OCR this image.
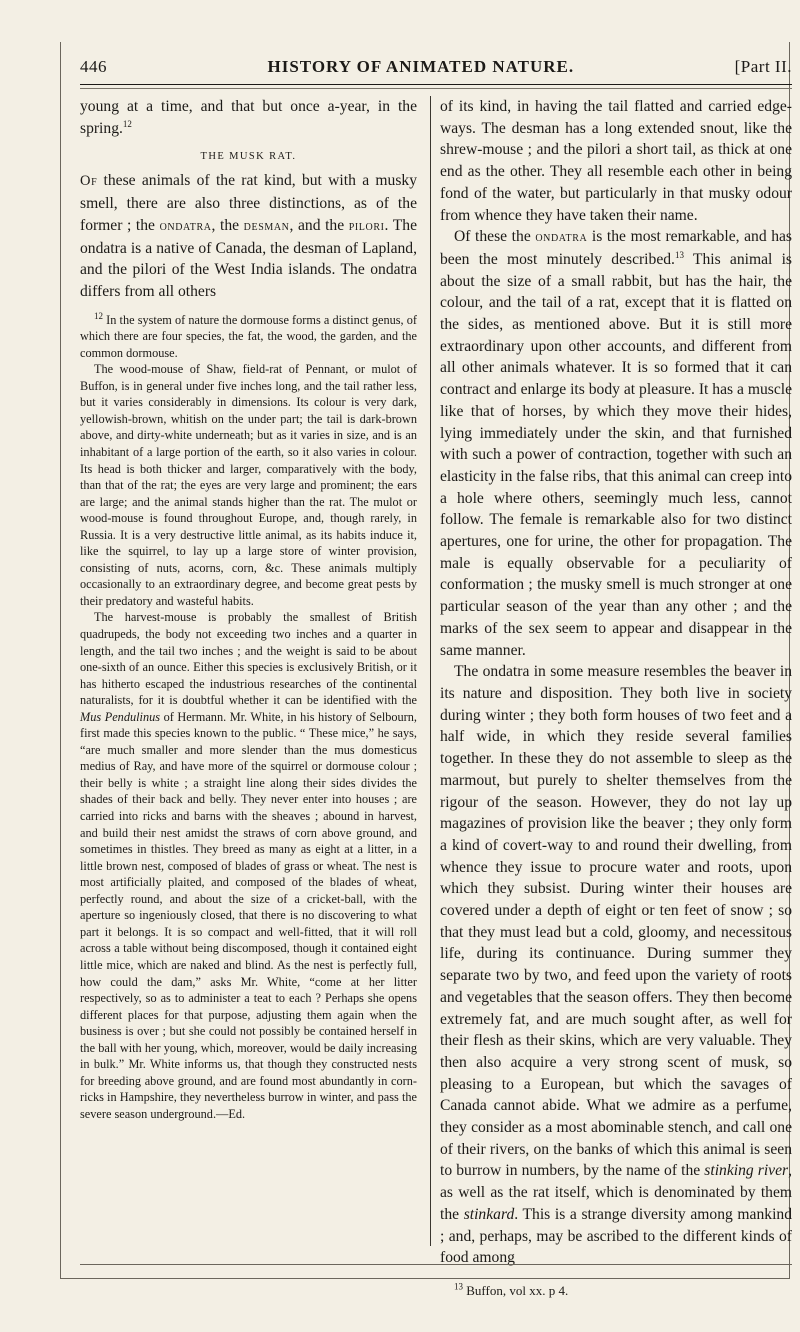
446	HISTORY OF ANIMATED NATURE.	[Part II.

young at a time, and that but once a-year, in the spring.$^{12}$

THE MUSK RAT.

Of these animals of the rat kind, but with a musky smell, there are also three distinctions, as of the former ; the ondatra, the desman, and the pilori. The ondatra is a native of Canada, the desman of Lapland, and the pilori of the West India islands. The ondatra differs from all others

$^{12}$ In the system of nature the dormouse forms a distinct genus, of which there are four species, the fat, the wood, the garden, and the common dormouse.

The wood-mouse of Shaw, field-rat of Pennant, or mulot of Buffon, is in general under five inches long, and the tail rather less, but it varies considerably in dimensions. Its colour is very dark, yellowish-brown, whitish on the under part; the tail is dark-brown above, and dirty-white underneath; but as it varies in size, and is an inhabitant of a large portion of the earth, so it also varies in colour. Its head is both thicker and larger, comparatively with the body, than that of the rat; the eyes are very large and prominent; the ears are large; and the animal stands higher than the rat. The mulot or wood-mouse is found throughout Europe, and, though rarely, in Russia. It is a very destructive little animal, as its habits induce it, like the squirrel, to lay up a large store of winter provision, consisting of nuts, acorns, corn, &c. These animals multiply occasionally to an extraordinary degree, and become great pests by their predatory and wasteful habits.

The harvest-mouse is probably the smallest of British quadrupeds, the body not exceeding two inches and a quarter in length, and the tail two inches ; and the weight is said to be about one-sixth of an ounce. Either this species is exclusively British, or it has hitherto escaped the industrious researches of the continental naturalists, for it is doubtful whether it can be identified with the Mus Pendulinus of Hermann. Mr. White, in his history of Selbourn, first made this species known to the public. “ These mice,” he says, “are much smaller and more slender than the mus domesticus medius of Ray, and have more of the squirrel or dormouse colour ; their belly is white ; a straight line along their sides divides the shades of their back and belly. They never enter into houses ; are carried into ricks and barns with the sheaves ; abound in harvest, and build their nest amidst the straws of corn above ground, and sometimes in thistles. They breed as many as eight at a litter, in a little brown nest, composed of blades of grass or wheat. The nest is most artificially plaited, and composed of the blades of wheat, perfectly round, and about the size of a cricket-ball, with the aperture so ingeniously closed, that there is no discovering to what part it belongs. It is so compact and well-fitted, that it will roll across a table without being discomposed, though it contained eight little mice, which are naked and blind. As the nest is perfectly full, how could the dam,” asks Mr. White, “come at her litter respectively, so as to administer a teat to each ? Perhaps she opens different places for that purpose, adjusting them again when the business is over ; but she could not possibly be contained herself in the ball with her young, which, moreover, would be daily increasing in bulk.” Mr. White informs us, that though they constructed nests for breeding above ground, and are found most abundantly in corn-ricks in Hampshire, they nevertheless burrow in winter, and pass the severe season underground.—Ed.

of its kind, in having the tail flatted and carried edge-ways. The desman has a long extended snout, like the shrew-mouse ; and the pilori a short tail, as thick at one end as the other. They all resemble each other in being fond of the water, but particularly in that musky odour from whence they have taken their name.

Of these the ondatra is the most remarkable, and has been the most minutely described.$^{13}$ This animal is about the size of a small rabbit, but has the hair, the colour, and the tail of a rat, except that it is flatted on the sides, as mentioned above. But it is still more extraordinary upon other accounts, and different from all other animals whatever. It is so formed that it can contract and enlarge its body at pleasure. It has a muscle like that of horses, by which they move their hides, lying immediately under the skin, and that furnished with such a power of contraction, together with such an elasticity in the false ribs, that this animal can creep into a hole where others, seemingly much less, cannot follow. The female is remarkable also for two distinct apertures, one for urine, the other for propagation. The male is equally observable for a peculiarity of conformation ; the musky smell is much stronger at one particular season of the year than any other ; and the marks of the sex seem to appear and disappear in the same manner.

The ondatra in some measure resembles the beaver in its nature and disposition. They both live in society during winter ; they both form houses of two feet and a half wide, in which they reside several families together. In these they do not assemble to sleep as the marmout, but purely to shelter themselves from the rigour of the season. However, they do not lay up magazines of provision like the beaver ; they only form a kind of covert-way to and round their dwelling, from whence they issue to procure water and roots, upon which they subsist. During winter their houses are covered under a depth of eight or ten feet of snow ; so that they must lead but a cold, gloomy, and necessitous life, during its continuance. During summer they separate two by two, and feed upon the variety of roots and vegetables that the season offers. They then become extremely fat, and are much sought after, as well for their flesh as their skins, which are very valuable. They then also acquire a very strong scent of musk, so pleasing to a European, but which the savages of Canada cannot abide. What we admire as a perfume, they consider as a most abominable stench, and call one of their rivers, on the banks of which this animal is seen to burrow in numbers, by the name of the stinking river, as well as the rat itself, which is denominated by them the stinkard. This is a strange diversity among mankind ; and, perhaps, may be ascribed to the different kinds of food among

$^{13}$ Buffon, vol xx. p 4.
